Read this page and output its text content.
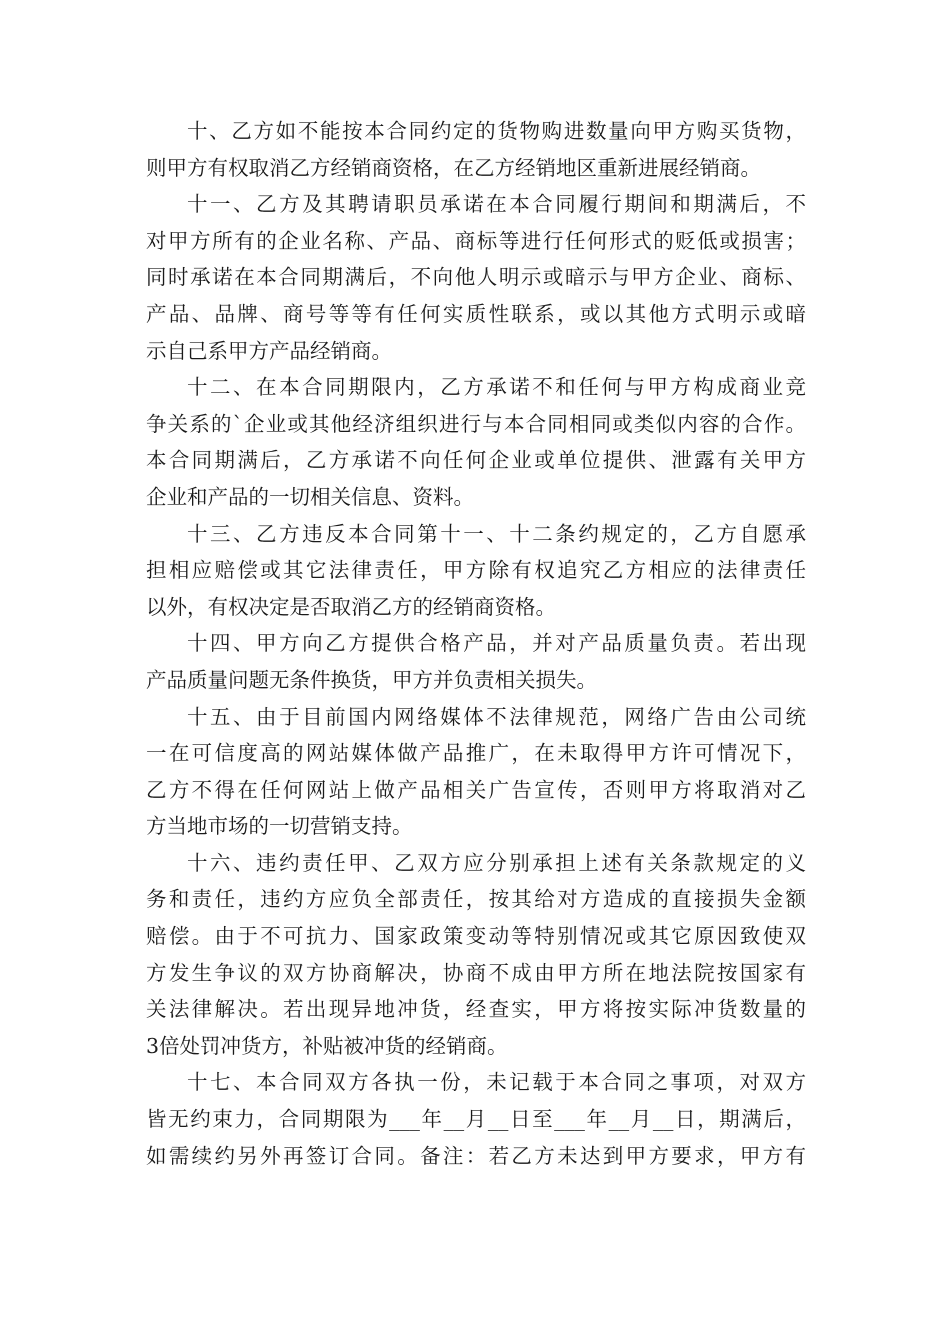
十、乙方如不能按本合同约定的货物购进数量向甲方购买货物，
则甲方有权取消乙方经销商资格，在乙方经销地区重新进展经销商。
十一、乙方及其聘请职员承诺在本合同履行期间和期满后，不
对甲方所有的企业名称、产品、商标等进行任何形式的贬低或损害；
同时承诺在本合同期满后，不向他人明示或暗示与甲方企业、商标、
产品、品牌、商号等等有任何实质性联系，或以其他方式明示或暗
示自己系甲方产品经销商。
十二、在本合同期限内，乙方承诺不和任何与甲方构成商业竞
争关系的`企业或其他经济组织进行与本合同相同或类似内容的合作。
本合同期满后，乙方承诺不向任何企业或单位提供、泄露有关甲方
企业和产品的一切相关信息、资料。
十三、乙方违反本合同第十一、十二条约规定的，乙方自愿承
担相应赔偿或其它法律责任，甲方除有权追究乙方相应的法律责任
以外，有权决定是否取消乙方的经销商资格。
十四、甲方向乙方提供合格产品，并对产品质量负责。若出现
产品质量问题无条件换货，甲方并负责相关损失。
十五、由于目前国内网络媒体不法律规范，网络广告由公司统
一在可信度高的网站媒体做产品推广，在未取得甲方许可情况下，
乙方不得在任何网站上做产品相关广告宣传，否则甲方将取消对乙
方当地市场的一切营销支持。
十六、违约责任甲、乙双方应分别承担上述有关条款规定的义
务和责任，违约方应负全部责任，按其给对方造成的直接损失金额
赔偿。由于不可抗力、国家政策变动等特别情况或其它原因致使双
方发生争议的双方协商解决，协商不成由甲方所在地法院按国家有
关法律解决。若出现异地冲货，经查实，甲方将按实际冲货数量的
3倍处罚冲货方，补贴被冲货的经销商。
十七、本合同双方各执一份，未记载于本合同之事项，对双方
皆无约束力，合同期限为___年__月__日至___年__月__日，期满后，
如需续约另外再签订合同。备注：若乙方未达到甲方要求，甲方有
